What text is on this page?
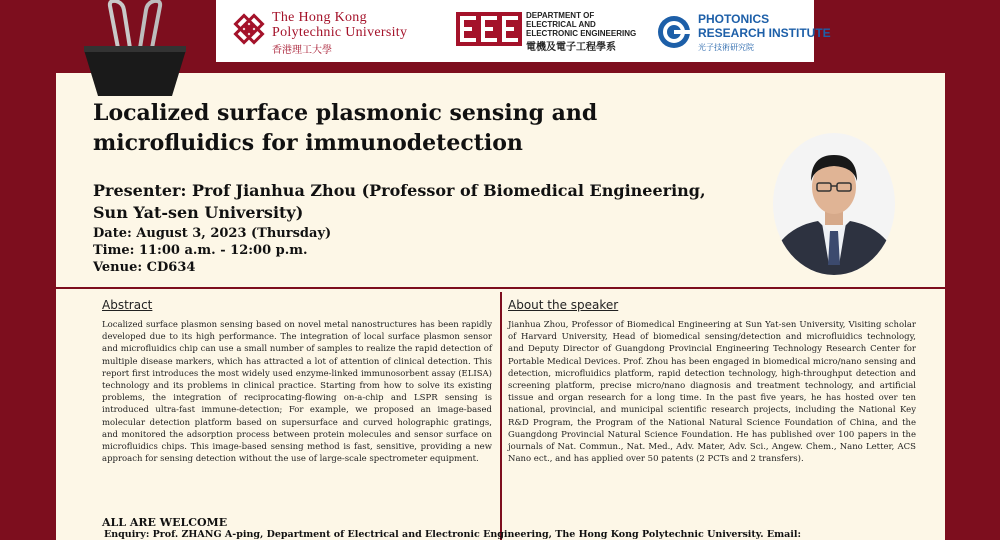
The Hong Kong
Polytechnic University
香港理工大學
DEPARTMENT OF
ELECTRICAL AND
ELECTRONIC ENGINEERING
電機及電子工程學系
PHOTONICS
RESEARCH INSTITUTE
光子技術研究院
Localized surface plasmonic sensing and microfluidics for immunodetection
Presenter: Prof Jianhua Zhou (Professor of Biomedical Engineering, Sun Yat-sen University)
Date: August 3, 2023 (Thursday)
Time: 11:00 a.m. - 12:00 p.m.
Venue: CD634
Abstract

Localized surface plasmon sensing based on novel metal nanostructures has been rapidly developed due to its high performance. The integration of local surface plasmon sensor and microfluidics chip can use a small number of samples to realize the rapid detection of multiple disease markers, which has attracted a lot of attention of clinical detection. This report first introduces the most widely used enzyme-linked immunosorbent assay (ELISA) technology and its problems in clinical practice. Starting from how to solve its existing problems, the integration of reciprocating-flowing on-a-chip and LSPR sensing is introduced ultra-fast immune-detection; For example, we proposed an image-based molecular detection platform based on supersurface and curved holographic gratings, and monitored the adsorption process between protein molecules and sensor surface on microfluidics chips. This image-based sensing method is fast, sensitive, providing a new approach for sensing detection without the use of large-scale spectrometer equipment.

About the speaker

Jianhua Zhou, Professor of Biomedical Engineering at Sun Yat-sen University, Visiting scholar of Harvard University, Head of biomedical sensing/detection and microfluidics technology, and Deputy Director of Guangdong Provincial Engineering Technology Research Center for Portable Medical Devices. Prof. Zhou has been engaged in biomedical micro/nano sensing and detection, microfluidics platform, rapid detection technology, high-throughput detection and screening platform, precise micro/nano diagnosis and treatment technology, and artificial tissue and organ research for a long time. In the past five years, he has hosted over ten national, provincial, and municipal scientific research projects, including the National Key R&D Program, the Program of the National Natural Science Foundation of China, and the Guangdong Provincial Natural Science Foundation. He has published over 100 papers in the journals of Nat. Commun., Nat. Med., Adv. Mater, Adv. Sci., Angew. Chem., Nano Letter, ACS Nano ect., and has applied over 50 patents (2 PCTs and 2 transfers).

ALL ARE WELCOME
Enquiry: Prof. ZHANG A-ping, Department of Electrical and Electronic Engineering, The Hong Kong Polytechnic University. Email:
